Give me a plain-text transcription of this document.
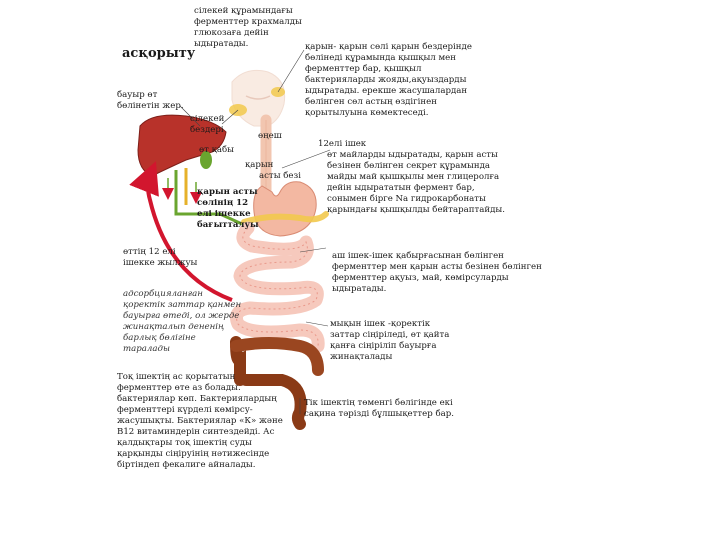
асқорыту
сілекей құрамындағы
ферменттер крахмалды
глюкозаға дейін
ыдыратады.	қарын- қарын сөлі қарын бездерінде
бөлінеді құрамында қышқыл мен
ферменттер бар, қышқыл
бактерияларды жояды,ақуыздарды
ыдыратады. ерекше жасушалардан
бөлінген сөл астың өздігінен
қорытылуына көмектеседі.
бауыр өт
бөлінетін жер.
сілекей
бездері
өңеш
өт қабы
қарын
асты безі
қарын асты
сөлінің 12
елі ішекке
бағытталуы
12елі ішек
өт майларды ыдыратады, қарын асты
безінен бөлінген секрет құрамында
майды май қышқылы мен глицеролға
дейін ыдырататын фермент бар,
сонымен бірге Na гидрокарбонаты
қарындағы қышқылды бейтараптайды.
өттің 12 елі
ішекке жылжуы
аш ішек-ішек қабырғасынан бөлінген
ферменттер мен қарын асты безінен бөлінген
ферменттер ақуыз, май, көмірсуларды
ыдыратады.
адсорбцияланған
қоректік заттар қанмен
бауырға өтеді, ол жерде
жинақталып дененің
барлық бөлігіне
таралады
мықын ішек -қоректік
заттар сіңіріледі, өт қайта
қанға сіңіріліп бауырға
жинақталады
Тоқ ішектің ас қорытатын
ферменттер өте аз болады.
бактериялар көп. Бактериялардың
ферменттері күрделі көмірсу-
жасушықты. Бактериялар «К» және
B12 витаминдерін синтездейді. Ас
қалдықтары тоқ ішектің суды
қарқынды сіңіруінің нәтижесінде
біртіндеп фекалиге айналады.
Тік ішектің төменгі бөлігінде екі
сақина тәрізді бұлшықеттер бар.
